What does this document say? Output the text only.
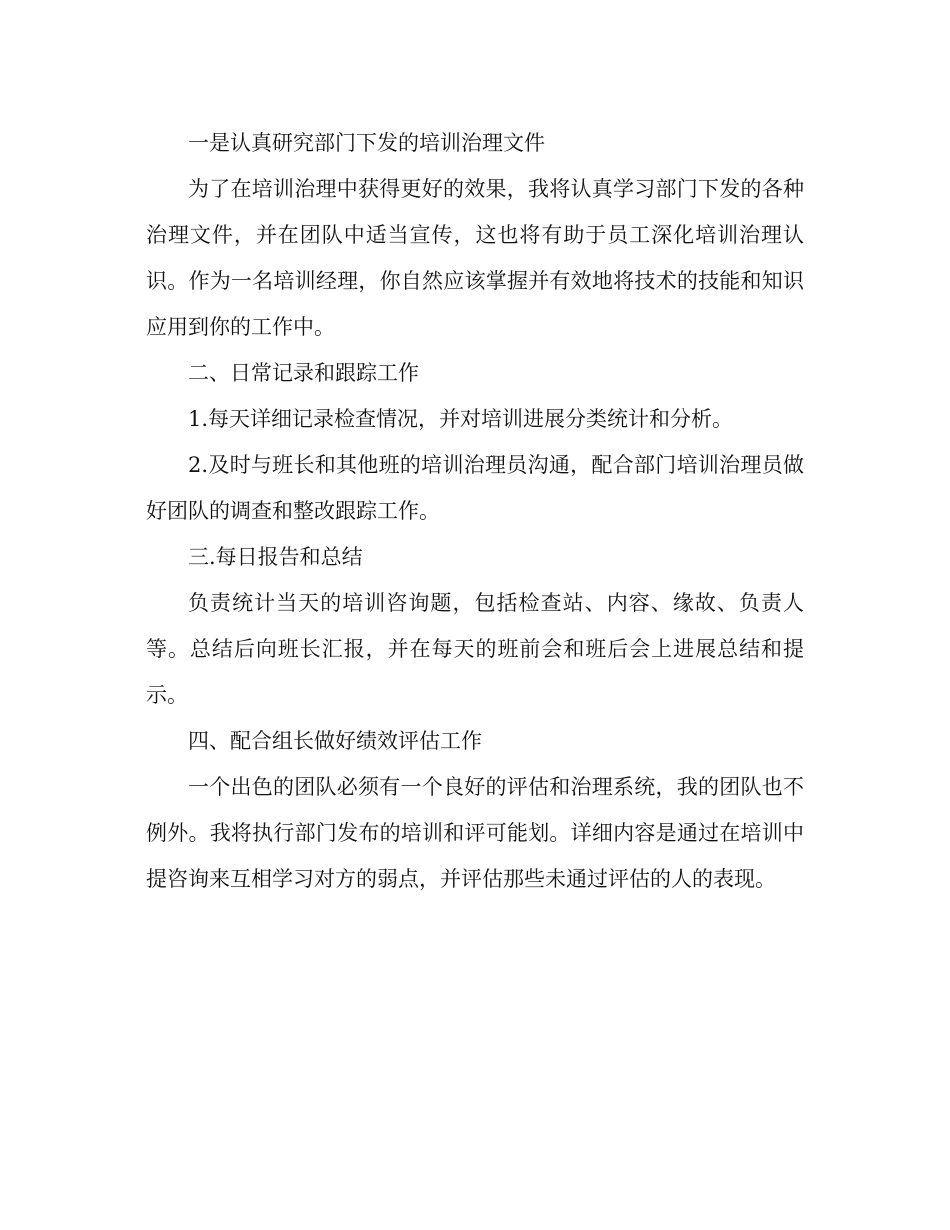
一是认真研究部门下发的培训治理文件

为了在培训治理中获得更好的效果，我将认真学习部门下发的各种治理文件，并在团队中适当宣传，这也将有助于员工深化培训治理认识。作为一名培训经理，你自然应该掌握并有效地将技术的技能和知识应用到你的工作中。

二、日常记录和跟踪工作

1.每天详细记录检查情况，并对培训进展分类统计和分析。

2.及时与班长和其他班的培训治理员沟通，配合部门培训治理员做好团队的调查和整改跟踪工作。

三.每日报告和总结

负责统计当天的培训咨询题，包括检查站、内容、缘故、负责人等。总结后向班长汇报，并在每天的班前会和班后会上进展总结和提示。

四、配合组长做好绩效评估工作

一个出色的团队必须有一个良好的评估和治理系统，我的团队也不例外。我将执行部门发布的培训和评可能划。详细内容是通过在培训中提咨询来互相学习对方的弱点，并评估那些未通过评估的人的表现。
